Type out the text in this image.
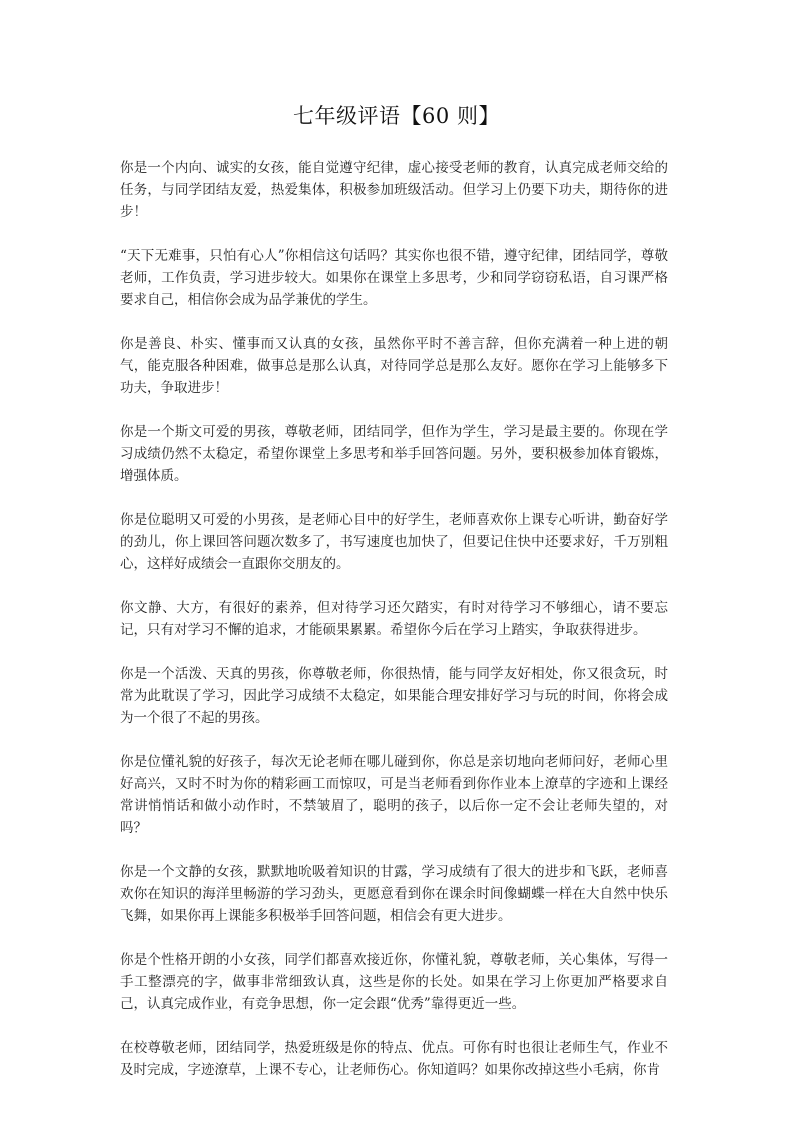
七年级评语【60 则】

你是一个内向、诚实的女孩，能自觉遵守纪律，虚心接受老师的教育，认真完成老师交给的任务，与同学团结友爱，热爱集体，积极参加班级活动。但学习上仍要下功夫，期待你的进步！

“天下无难事，只怕有心人”你相信这句话吗？其实你也很不错，遵守纪律，团结同学，尊敬老师，工作负责，学习进步较大。如果你在课堂上多思考，少和同学窃窃私语，自习课严格要求自己，相信你会成为品学兼优的学生。

你是善良、朴实、懂事而又认真的女孩，虽然你平时不善言辞，但你充满着一种上进的朝气，能克服各种困难，做事总是那么认真，对待同学总是那么友好。愿你在学习上能够多下功夫，争取进步！

你是一个斯文可爱的男孩，尊敬老师，团结同学，但作为学生，学习是最主要的。你现在学习成绩仍然不太稳定，希望你课堂上多思考和举手回答问题。另外，要积极参加体育锻炼，增强体质。

你是位聪明又可爱的小男孩，是老师心目中的好学生，老师喜欢你上课专心听讲，勤奋好学的劲儿，你上课回答问题次数多了，书写速度也加快了，但要记住快中还要求好，千万别粗心，这样好成绩会一直跟你交朋友的。

你文静、大方，有很好的素养，但对待学习还欠踏实，有时对待学习不够细心，请不要忘记，只有对学习不懈的追求，才能硕果累累。希望你今后在学习上踏实，争取获得进步。

你是一个活泼、天真的男孩，你尊敬老师，你很热情，能与同学友好相处，你又很贪玩，时常为此耽误了学习，因此学习成绩不太稳定，如果能合理安排好学习与玩的时间，你将会成为一个很了不起的男孩。

你是位懂礼貌的好孩子，每次无论老师在哪儿碰到你，你总是亲切地向老师问好，老师心里好高兴，又时不时为你的精彩画工而惊叹，可是当老师看到你作业本上潦草的字迹和上课经常讲悄悄话和做小动作时，不禁皱眉了，聪明的孩子，以后你一定不会让老师失望的，对吗？

你是一个文静的女孩，默默地吮吸着知识的甘露，学习成绩有了很大的进步和飞跃，老师喜欢你在知识的海洋里畅游的学习劲头，更愿意看到你在课余时间像蝴蝶一样在大自然中快乐飞舞，如果你再上课能多积极举手回答问题，相信会有更大进步。

你是个性格开朗的小女孩，同学们都喜欢接近你，你懂礼貌，尊敬老师，关心集体，写得一手工整漂亮的字，做事非常细致认真，这些是你的长处。如果在学习上你更加严格要求自己，认真完成作业，有竞争思想，你一定会跟“优秀”靠得更近一些。

在校尊敬老师，团结同学，热爱班级是你的特点、优点。可你有时也很让老师生气，作业不及时完成，字迹潦草，上课不专心，让老师伤心。你知道吗？如果你改掉这些小毛病，你肯
